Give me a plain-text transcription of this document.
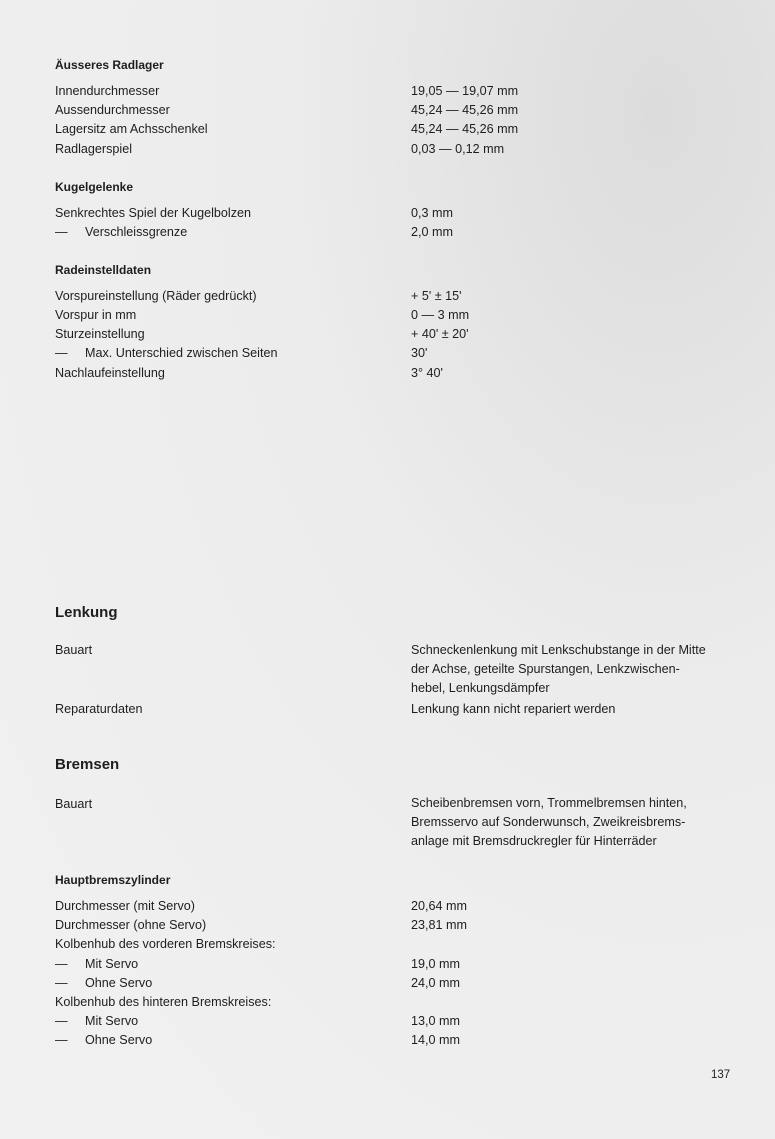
Äusseres Radlager
Innendurchmesser	19,05 — 19,07 mm
Aussendurchmesser	45,24 — 45,26 mm
Lagersitz am Achsschenkel	45,24 — 45,26 mm
Radlagerspiel	0,03 — 0,12 mm
Kugelgelenke
Senkrechtes Spiel der Kugelbolzen	0,3 mm
— Verschleissgrenze	2,0 mm
Radeinstelldaten
Vorspureinstellung (Räder gedrückt)	+ 5' ± 15'
Vorspur in mm	0 — 3 mm
Sturzeinstellung	+ 40' ± 20'
— Max. Unterschied zwischen Seiten	30'
Nachlaufeinstellung	3° 40'
Lenkung
Bauart	Schneckenlenkung mit Lenkschubstange in der Mitte
der Achse, geteilte Spurstangen, Lenkzwischen-
hebel, Lenkungsdämpfer
Reparaturdaten	Lenkung kann nicht repariert werden
Bremsen
Bauart	Scheibenbremsen vorn, Trommelbremsen hinten,
Bremsservo auf Sonderwunsch, Zweikreisbrems-
anlage mit Bremsdruckregler für Hinterräder
Hauptbremszylinder
Durchmesser (mit Servo)	20,64 mm
Durchmesser (ohne Servo)	23,81 mm
Kolbenhub des vorderen Bremskreises:
— Mit Servo	19,0 mm
— Ohne Servo	24,0 mm
Kolbenhub des hinteren Bremskreises:
— Mit Servo	13,0 mm
— Ohne Servo	14,0 mm
137
